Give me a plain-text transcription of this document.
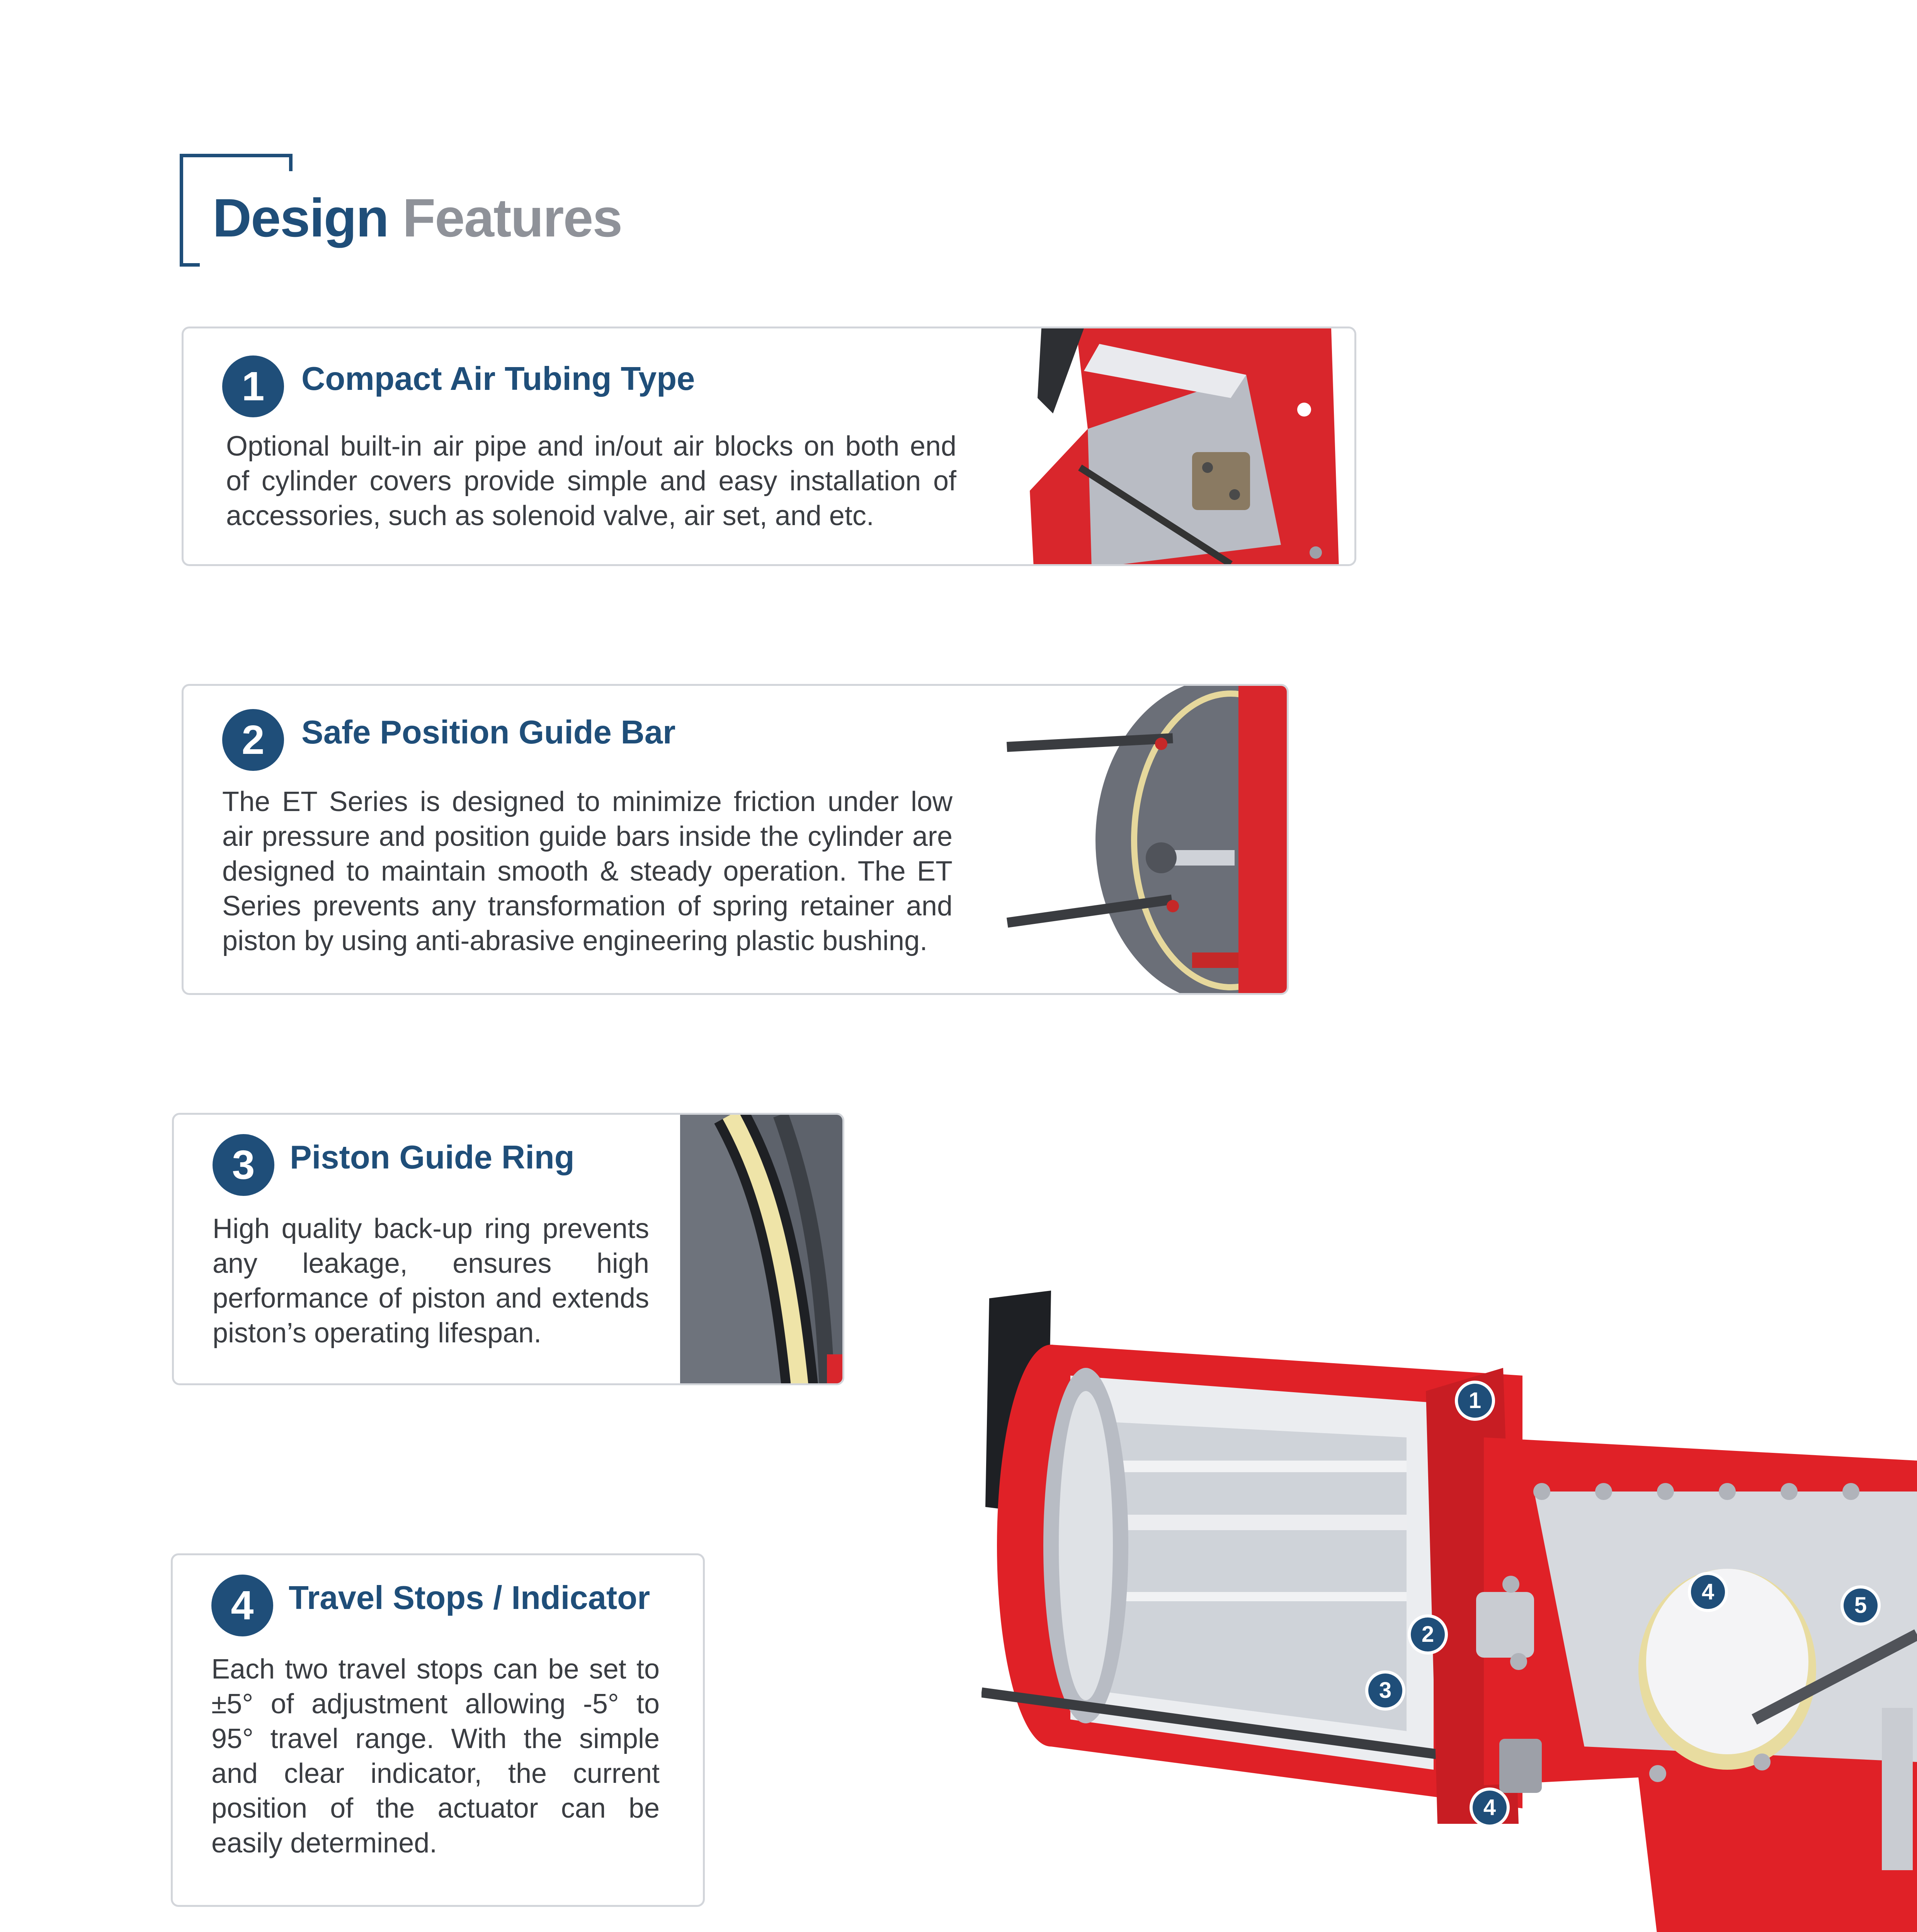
Design Features
1	Compact Air Tubing Type
Optional built-in air pipe and in/out air blocks on both end of cylinder covers provide simple and easy installation of accessories, such as solenoid valve, air set, and etc.
2	Safe Position Guide Bar
The ET Series is designed to minimize friction under low air pressure and position guide bars inside the cylinder are designed to maintain smooth & steady operation. The ET Series prevents any transformation of spring retainer and piston by using anti-abrasive engineering plastic bushing.
3	Piston Guide Ring
High quality back-up ring prevents any leakage, ensures high performance of piston and extends piston’s operating lifespan.
4	Travel Stops / Indicator
Each two travel stops can be set to ±5° of adjustment allowing -5° to 95° travel range. With the simple and clear indicator, the current position of the actuator can be easily determined.
1
2
3
4
5
4
